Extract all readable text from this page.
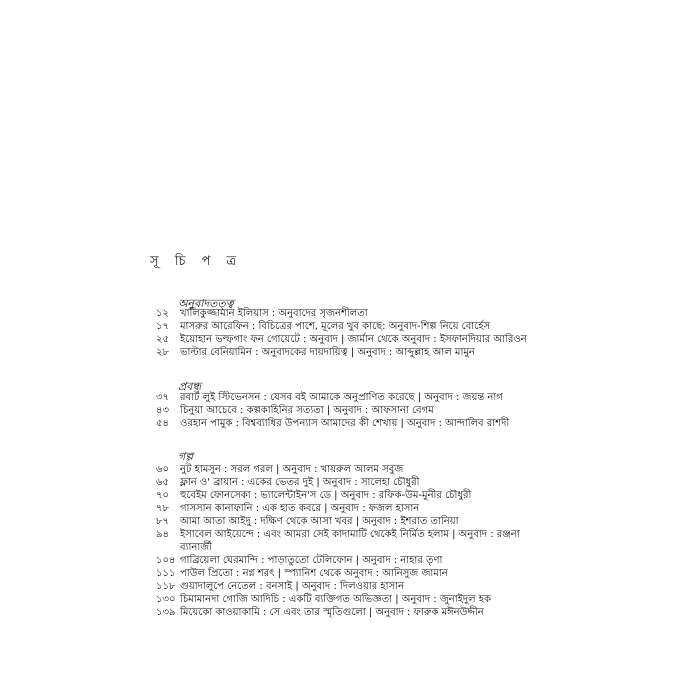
সূ চি প ত্র
অনুবাদতত্ত্ব
১২	খালিকুজ্জামান ইলিয়াস : অনুবাদের সৃজনশীলতা
১৭	মাসরুর আরেফিন : বিচিত্রের পাশে, মূলের খুব কাছে: অনুবাদ-শিল্প নিয়ে বোর্হেস
২৫	ইয়োহান ভল্ফগাং ফন গোয়েটে : অনুবাদ | জার্মান থেকে অনুবাদ : ইসফানদিয়ার আরিওন
২৮	ভাল্টার বেনিয়ামিন : অনুবাদকের দায়দায়িত্ব | অনুবাদ : আব্দুল্লাহ আল মামুন
প্রবন্ধ
৩৭	রবার্ট লুই স্টিভেনসন : যেসব বই আমাকে অনুপ্রাণিত করেছে | অনুবাদ : জয়ন্ত নাগ
৪৩	চিনুয়া আচেবে : কল্পকাহিনির সত্যতা | অনুবাদ : আফসানা বেগম
৫৪	ওরহান পামুক : বিশ্বব্যাধির উপন্যাস আমাদের কী শেখায় | অনুবাদ : আন্দালিব রাশদী
গল্প
৬০	নুট হামসুন : সরল গরল | অনুবাদ : খায়রুল আলম সবুজ
৬৫	ফ্লান ও' ব্রায়ান : একের ভেতর দুই | অনুবাদ : সালেহা চৌধুরী
৭০	হুবেইম ফোনসেকা : ভ্যালেন্টাইন'স ডে | অনুবাদ : রফিক-উম-মুনীর চৌধুরী
৭৮	গাসসান কানাফানি : এক হাত কবরে | অনুবাদ : ফজল হাসান
৮৭	আমা আতা আইদু : দক্ষিণ থেকে আসা খবর | অনুবাদ : ইশরাত তানিয়া
৯৪	ইসাবেল আইয়েন্দে : এবং আমরা সেই কাদামাটি থেকেই নির্মিত হলাম | অনুবাদ : রঞ্জনা
ব্যানার্জী
১০৪ গাব্রিয়েলা ঘেরমান্দি : পাড়াতুতো টেলিফোন | অনুবাদ : নাহার তৃণা
১১১ পাউল প্রিতো : নগ্ন শরৎ | স্প্যানিশ থেকে অনুবাদ : আনিসুজ জামান
১১৮ গুয়াদালুপে নেতেল : বনসাই | অনুবাদ : দিলওয়ার হাসান
১৩০ চিমামানদা গোজি আদিচি : একটি ব্যক্তিগত অভিজ্ঞতা | অনুবাদ : জুনাইদুল হক
১৩৯ মিয়েকো কাওয়াকামি : সে এবং তার স্মৃতিগুলো | অনুবাদ : ফারুক মঈনউদ্দীন
